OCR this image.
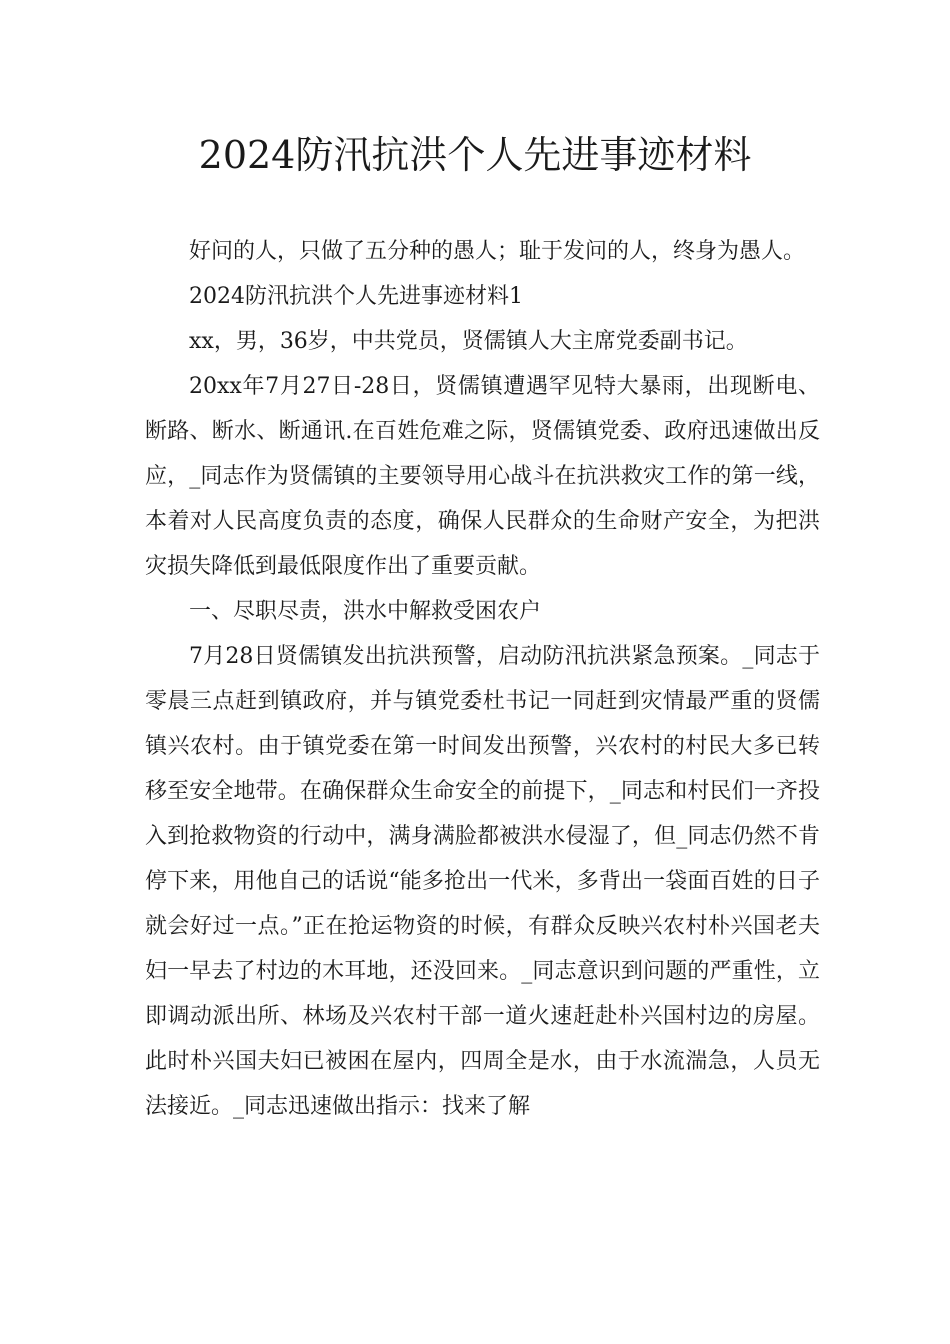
2024防汛抗洪个人先进事迹材料

好问的人，只做了五分种的愚人；耻于发问的人，终身为愚人。

2024防汛抗洪个人先进事迹材料1

xx，男，36岁，中共党员，贤儒镇人大主席党委副书记。

20xx年7月27日-28日，贤儒镇遭遇罕见特大暴雨，出现断电、断路、断水、断通讯.在百姓危难之际，贤儒镇党委、政府迅速做出反应，_同志作为贤儒镇的主要领导用心战斗在抗洪救灾工作的第一线，本着对人民高度负责的态度，确保人民群众的生命财产安全，为把洪灾损失降低到最低限度作出了重要贡献。

一、尽职尽责，洪水中解救受困农户

7月28日贤儒镇发出抗洪预警，启动防汛抗洪紧急预案。_同志于零晨三点赶到镇政府，并与镇党委杜书记一同赶到灾情最严重的贤儒镇兴农村。由于镇党委在第一时间发出预警，兴农村的村民大多已转移至安全地带。在确保群众生命安全的前提下，_同志和村民们一齐投入到抢救物资的行动中，满身满脸都被洪水侵湿了，但_同志仍然不肯停下来，用他自己的话说“能多抢出一代米，多背出一袋面百姓的日子就会好过一点。”正在抢运物资的时候，有群众反映兴农村朴兴国老夫妇一早去了村边的木耳地，还没回来。_同志意识到问题的严重性，立即调动派出所、林场及兴农村干部一道火速赶赴朴兴国村边的房屋。此时朴兴国夫妇已被困在屋内，四周全是水，由于水流湍急，人员无法接近。_同志迅速做出指示：找来了解
